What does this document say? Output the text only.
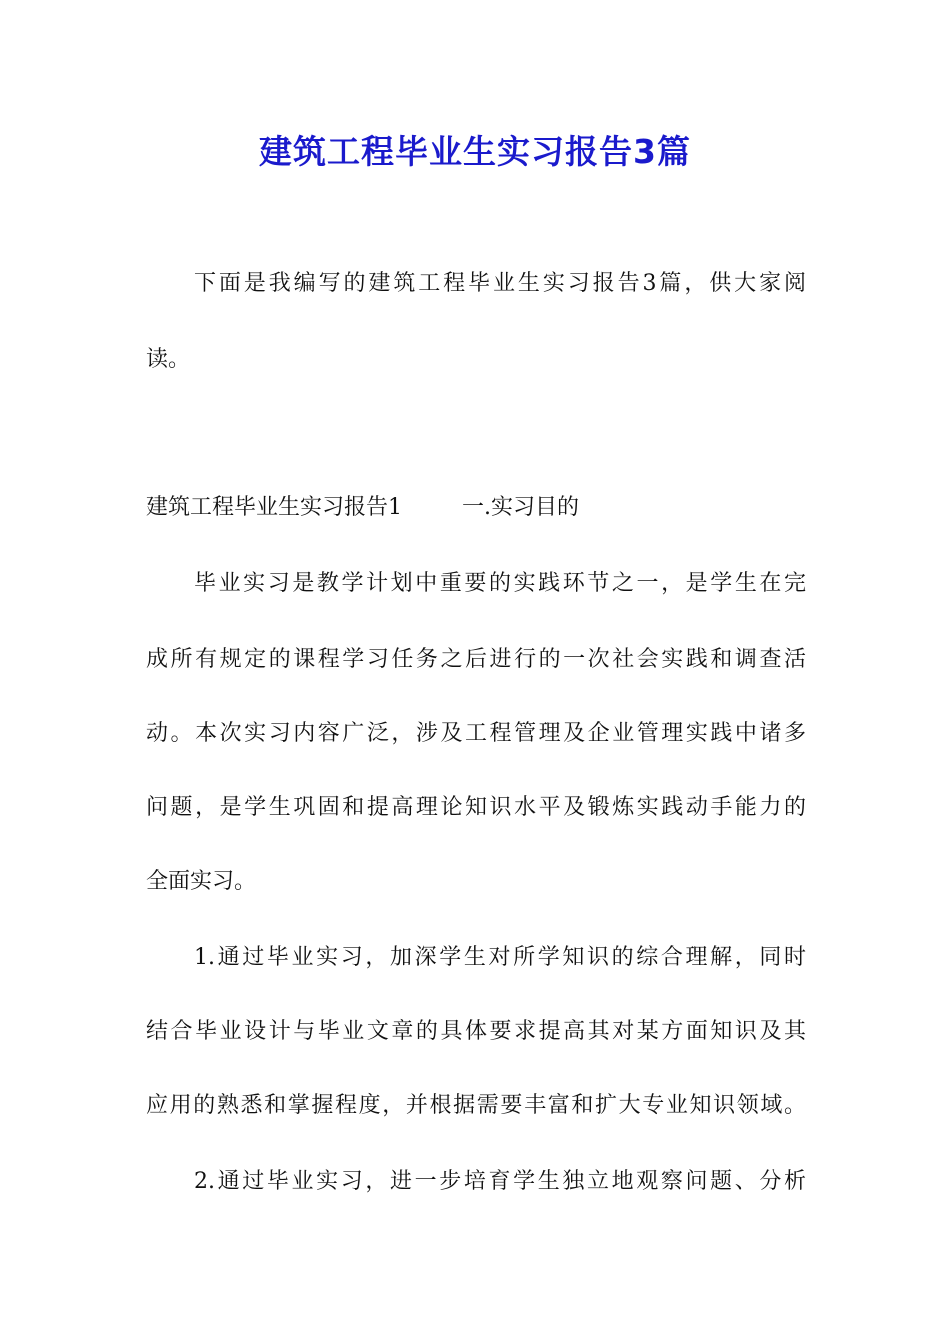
建筑工程毕业生实习报告3篇
下面是我编写的建筑工程毕业生实习报告3篇，供大家阅
读。
建筑工程毕业生实习报告1	一.实习目的
毕业实习是教学计划中重要的实践环节之一，是学生在完
成所有规定的课程学习任务之后进行的一次社会实践和调查活
动。本次实习内容广泛，涉及工程管理及企业管理实践中诸多
问题，是学生巩固和提高理论知识水平及锻炼实践动手能力的
全面实习。
1.通过毕业实习，加深学生对所学知识的综合理解，同时
结合毕业设计与毕业文章的具体要求提高其对某方面知识及其
应用的熟悉和掌握程度，并根据需要丰富和扩大专业知识领域。
2.通过毕业实习，进一步培育学生独立地观察问题、分析
